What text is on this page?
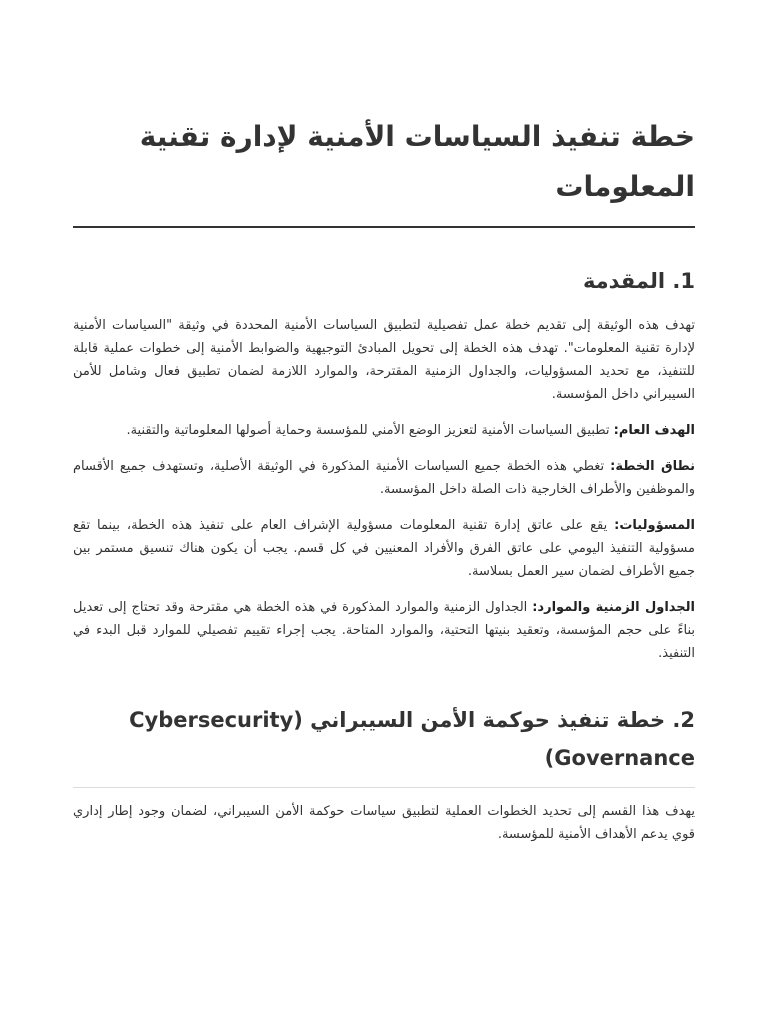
خطة تنفيذ السياسات الأمنية لإدارة تقنية المعلومات
1. المقدمة

تهدف هذه الوثيقة إلى تقديم خطة عمل تفصيلية لتطبيق السياسات الأمنية المحددة في وثيقة "السياسات الأمنية لإدارة تقنية المعلومات". تهدف هذه الخطة إلى تحويل المبادئ التوجيهية والضوابط الأمنية إلى خطوات عملية قابلة للتنفيذ، مع تحديد المسؤوليات، والجداول الزمنية المقترحة، والموارد اللازمة لضمان تطبيق فعال وشامل للأمن السيبراني داخل المؤسسة.

الهدف العام: تطبيق السياسات الأمنية لتعزيز الوضع الأمني للمؤسسة وحماية أصولها المعلوماتية والتقنية.

نطاق الخطة: تغطي هذه الخطة جميع السياسات الأمنية المذكورة في الوثيقة الأصلية، وتستهدف جميع الأقسام والموظفين والأطراف الخارجية ذات الصلة داخل المؤسسة.

المسؤوليات: يقع على عاتق إدارة تقنية المعلومات مسؤولية الإشراف العام على تنفيذ هذه الخطة، بينما تقع مسؤولية التنفيذ اليومي على عاتق الفرق والأفراد المعنيين في كل قسم. يجب أن يكون هناك تنسيق مستمر بين جميع الأطراف لضمان سير العمل بسلاسة.

الجداول الزمنية والموارد: الجداول الزمنية والموارد المذكورة في هذه الخطة هي مقترحة وقد تحتاج إلى تعديل بناءً على حجم المؤسسة، وتعقيد بنيتها التحتية، والموارد المتاحة. يجب إجراء تقييم تفصيلي للموارد قبل البدء في التنفيذ.

2. خطة تنفيذ حوكمة الأمن السيبراني (Cybersecurity Governance)

يهدف هذا القسم إلى تحديد الخطوات العملية لتطبيق سياسات حوكمة الأمن السيبراني، لضمان وجود إطار إداري قوي يدعم الأهداف الأمنية للمؤسسة.
